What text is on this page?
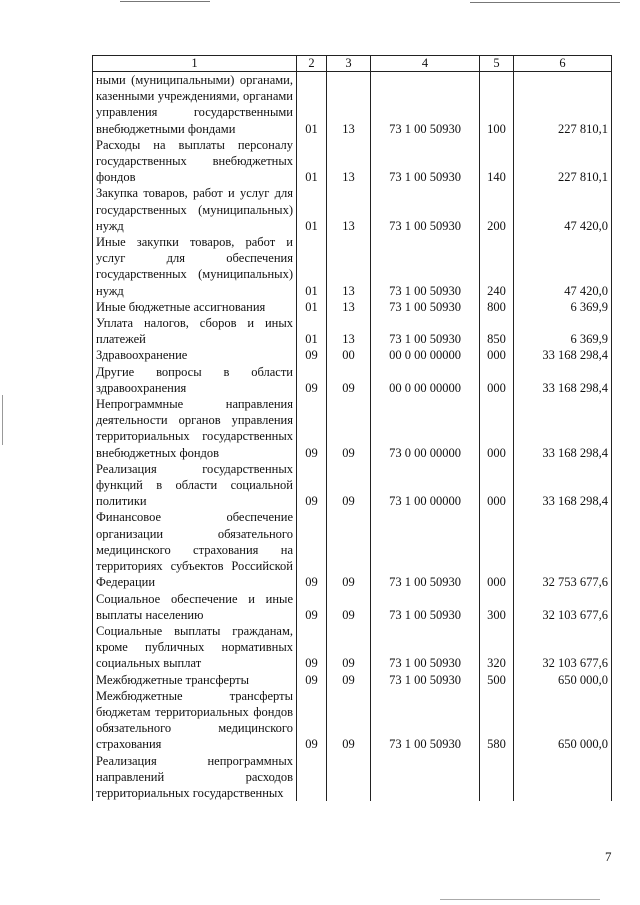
1	2	3	4	5	6
ными (муниципальными) органами, казенными учреждениями, органами управления государственными внебюджетными фондами	01	13	73 1 00 50930	100	227 810,1
Расходы на выплаты персоналу государственных внебюджетных фондов	01	13	73 1 00 50930	140	227 810,1
Закупка товаров, работ и услуг для государственных (муниципальных) нужд	01	13	73 1 00 50930	200	47 420,0
Иные закупки товаров, работ и услуг для обеспечения государственных (муниципальных) нужд	01	13	73 1 00 50930	240	47 420,0
Иные бюджетные ассигнования	01	13	73 1 00 50930	800	6 369,9
Уплата налогов, сборов и иных платежей	01	13	73 1 00 50930	850	6 369,9
Здравоохранение	09	00	00 0 00 00000	000	33 168 298,4
Другие вопросы в области здравоохранения	09	09	00 0 00 00000	000	33 168 298,4
Непрограммные направления деятельности органов управления территориальных государственных внебюджетных фондов	09	09	73 0 00 00000	000	33 168 298,4
Реализация государственных функций в области социальной политики	09	09	73 1 00 00000	000	33 168 298,4
Финансовое обеспечение организации обязательного медицинского страхования на территориях субъектов Российской Федерации	09	09	73 1 00 50930	000	32 753 677,6
Социальное обеспечение и иные выплаты населению	09	09	73 1 00 50930	300	32 103 677,6
Социальные выплаты гражданам, кроме публичных нормативных социальных выплат	09	09	73 1 00 50930	320	32 103 677,6
Межбюджетные трансферты	09	09	73 1 00 50930	500	650 000,0
Межбюджетные трансферты бюджетам территориальных фондов обязательного медицинского страхования	09	09	73 1 00 50930	580	650 000,0
Реализация непрограммных направлений расходов территориальных государственных					
7
